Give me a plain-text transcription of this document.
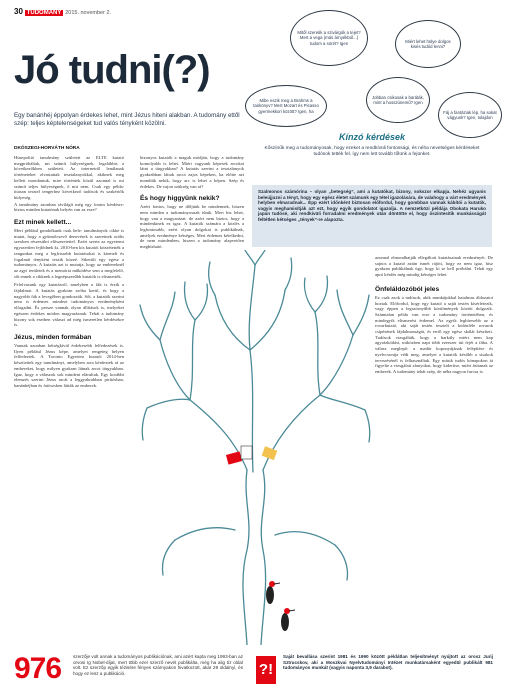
30 TUDOMÁNY 2015. november 2.
Jó tudni(?)
Mitől szeretik a szivárgók a tejet? Mert a vega (más árnyékból...) tudom a sörét? Igen	Miért lehet hülye dolgos kisés tudód lenni?
Mibe eszik meg a Brahms a tankönyv? Mert Mozart és Picasso gyermekkori között? Igen, ha
Jobban csikosak a baráták, mint a hosszúnemű? Igen
Fáj a fantáziak lép, ha sokat vágyunk? Igen, tulajdon
Egy banánhéj éppolyan érdekes lehet, mint Jézus hiteni alakban. A tudomány ettől szép: teljes képtelenségeket tud valós tényként közölni.
DKÓSZEGI-HORVÁTH NÓRA

Hüsepolitó tanulmány született az ELTE kutató megpróbáltak, mi számít hülyeségnek, legalábbis a következőkben született. Az internetről lenálanak történeteket olvastattak tesztalanyokkal, akiknek meg kellett mondaniuk, mire történtek közül azonnal is mi számít teljes hülyeségnek, ő mit nem. Csak egy példa: titasan tesztel tengerhez következő tudósok és szakértők hülyeség.

A tanulmány azonban rávilágít még egy fontos kérdésre: biztos minden kutatónak helyén van az esze?

Ezt minek kellett...

Mert például gondolkunk csak bele: tanulmányok cikke is mutat, hogy a gyümölcsevő denevérek is szeretnek orális szexben részesülni előszeretettel. Ezért szerte az egyetemi egyszerűen fejlődnek ki. 2010-ben kis kutatói közzétették a rangunkat meg a legfrissebb kutatásokat is kiemelt és fogalmát tényként teszik közzé. Sikerült egy egész a tudományos. A kutatás azt is mutatja, hogy az embereknél az agyi területek és a memória működése sem a megfelelő, sőt ennek a cikknek a legnépszerűbb kutatók is elismerték.

Felolvasunk egy kutatásról, amelyben a fák is érzik a fájdalmat. A kutatás gyakran szóba kerül, és hogy a nagyobb fák a levegőben gondozzák. Sőt, a kutatók szerint nem is érdemes mindezt tudományos eredményként elfogadni. És persze vannak olyan állítások is, melyeket egészen érdekes módon magyaráznak. Tehát a tudomány bizony sok esetben választ ad még ismeretlen kérdésekre is.

Jézus, minden formában

Vannak azonban kétségkívül érdekesebb felfedezések is. Ilyen például Jézus képe, amelyet rengeteg helyen felfedeztek. A Toronto Egyetem kutatói 2014-ben készítettek egy tanulmányt, amelyben arra kérdeztek rá az embereket, hogy milyen gyakran látnak arcot tárgyakban. Igaz, hogy a válaszok sok mindent elárultak. Egy korábbi elemzés szerint Jézus arcát a leggyakrabban pirítósban, banánhéjban és fatörzsben látták az emberek.

bizonyos kutatók a maguk módján, hogy a tudomány komolyabb is lehet. Miért vagyunk képesek arcokat látni a tárgyakban? A kutatás szerint a tesztalanyok gyakrabban láttak arcot zajos képeken, ha előtte azt mondták nekik, hogy arc is lehet a képen. Szép és érdekes. De vajon szükség van rá?

És hogy higgyünk nekik?

Azért fontos, hogy ne dőljünk be mindennek, hiszen nem minden a tudományosnak tűnik. Mert biz lehet, hogy van a magyarázat: de azért nem biztos, hogy a mindenkinek ez igaz. A kutatók számára a közlés a legfontosabb, ezért olyan dolgokat is publikálnak, amelyek eredménye kétséges. Mert érdemes kételkedni, de nem mindenben, hiszen a tudomány alapvetően megbízható.

Kínzó kérdések
Kőszínűk meg a tudományosak, hogy ezeket a rendkívüli fontossági, és néha nevetséges kérdéseket tudósok tették fel, így nem lett tovább tőlünk a fejünket.
Szalmonos számórina – olyan „betegség”, ami a kutatókat, bizony, sokszor elkapja. Nehéz ugyanis beleújjuzni a tényt, hogy egy egész életet számunk egy tétel igazolására, de valahogy a várt eredmények helyben elmaradnak... Épp ezért időnként biztosan előfordul, hogy gombban vannak kábítói a kutatók, vagyis meghamisítják azt ezt, hogy egyik gondolatot igazolja. A nemzetközi példája Obokata Haruko japán tudósé, aki rendkívüli forradalmi eredmények után döntötte el, hogy őszintesítik munkásságát feltétlen kétséges „tények”-re alapozta.

azonnal elmondhatják ellegáltott kutatásainak eredményét. De sajnos a kutató aztán ismét rájött, hogy ez nem igaz, hisz gyakran publikálnak úgy, hogy ki se kell próbálni. Tehát egy apró kérdés még mindig kétséges lehet.

Önfeláldozóból jeles

Ez csak azok a tudósok, akik munkájukkal hatalmas áldozatot hoztak. Előfordul, hogy egy kutató a saját testén kísérletezik, vagy éppen a legszörnyűbb körülmények között dolgozik. Számtalan példa van erre a tudomány történetében, és mindegyik elismerést érdemel. Az egyik leghíresebb az a rovarkutató, aki saját testén teszteli a különféle rovarok csípésének fájdalmasságát, és erről egy egész skálát készített. Tudósok vizsgálták, hogy a harkály miért nem kap agyrázkódást, miközben napi több ezerszer üti fejét a fába. A válasz meglepő: a madár koponyájának felépítése és nyelvcsontja védi meg, amelyet a kutatók később a sisakok tervezésénél is felhasználtak. Egy másik tudós hónapokon át figyelte a vizsgálati alanyokat, hogy kiderítse, miért ásítanak az emberek. A tudomány tehát szép, de néha nagyon furcsa is.

976	szerzője volt annak a tudományos publikációnak, ami azért kapta meg 1993-ban az orvosi Ig Nobel-díjat, mert több ezer szerző nevét publikálta, még ha alig tíz oldal volt. Ez szerzőp egyik tézisére fényes szárnyakon hivatkozott, akár 29 oldalnyi, és hogy ez lesz a publikáció.	?!
Saját bevallása szerint 1981 és 1990 között példátlan teljesítményt nyújtott az orosz Jurij Sztrucskov, aki a Moszkvai Nyelvtudományi Intézet munkatársaként egyedül publikált 981 tudományos munkát (vagyis naponta 3,9 darabot).
